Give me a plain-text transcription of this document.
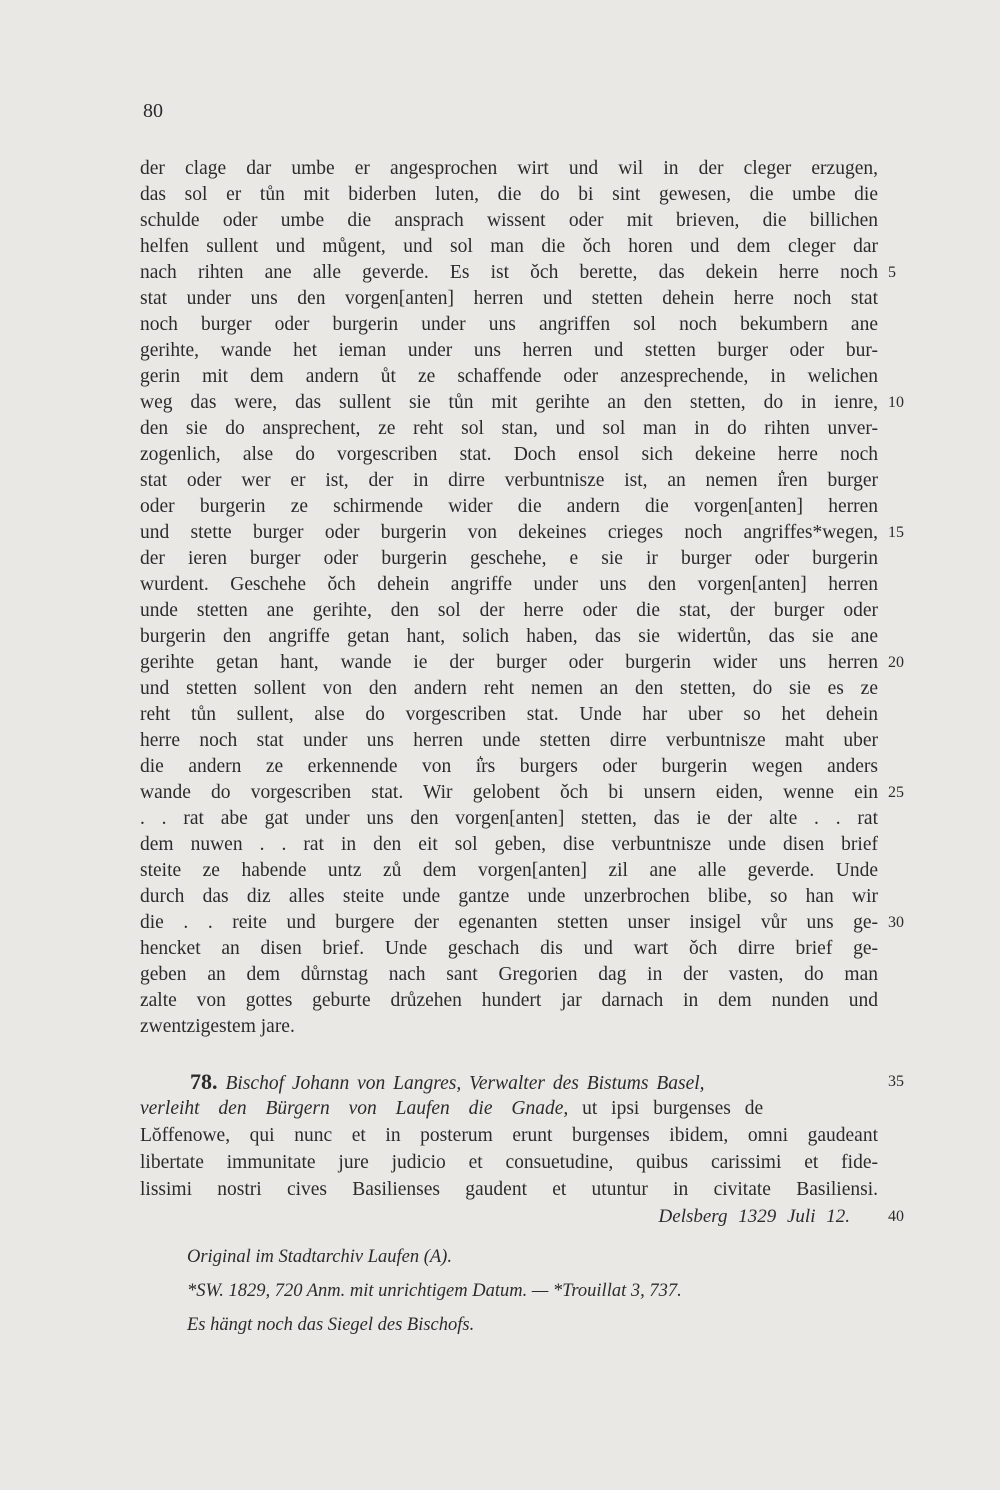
80
der clage dar umbe er angesprochen wirt und wil in der cleger erzugen,
das sol er tůn mit biderben luten, die do bi sint gewesen, die umbe die
schulde oder umbe die ansprach wissent oder mit brieven, die billichen
helfen sullent und můgent, und sol man die ǒch horen und dem cleger dar
nach rihten ane alle geverde. Es ist ǒch berette, das dekein herre noch 5
stat under uns den vorgen[anten] herren und stetten dehein herre noch stat
noch burger oder burgerin under uns angriffen sol noch bekumbern ane
gerihte, wande het ieman under uns herren und stetten burger oder bur-
gerin mit dem andern ůt ze schaffende oder anzesprechende, in welichen
weg das were, das sullent sie tůn mit gerihte an den stetten, do in ienre, 10
den sie do ansprechent, ze reht sol stan, und sol man in do rihten unver-
zogenlich, alse do vorgescriben stat. Doch ensol sich dekeine herre noch
stat oder wer er ist, der in dirre verbuntnisze ist, an nemen i͛ren burger
oder burgerin ze schirmende wider die andern die vorgen[anten] herren
und stette burger oder burgerin von dekeines crieges noch angriffes*wegen, 15
der ieren burger oder burgerin geschehe, e sie ir burger oder burgerin
wurdent. Geschehe ǒch dehein angriffe under uns den vorgen[anten] herren
unde stetten ane gerihte, den sol der herre oder die stat, der burger oder
burgerin den angriffe getan hant, solich haben, das sie widertůn, das sie ane
gerihte getan hant, wande ie der burger oder burgerin wider uns herren 20
und stetten sollent von den andern reht nemen an den stetten, do sie es ze
reht tůn sullent, alse do vorgescriben stat. Unde har uber so het dehein
herre noch stat under uns herren unde stetten dirre verbuntnisze maht uber
die andern ze erkennende von i͛rs burgers oder burgerin wegen anders
wande do vorgescriben stat. Wir gelobent ǒch bi unsern eiden, wenne ein 25
. . rat abe gat under uns den vorgen[anten] stetten, das ie der alte . . rat
dem nuwen . . rat in den eit sol geben, dise verbuntnisze unde disen brief
steite ze habende untz zů dem vorgen[anten] zil ane alle geverde. Unde
durch das diz alles steite unde gantze unde unzerbrochen blibe, so han wir
die . . reite und burgere der egenanten stetten unser insigel vůr uns ge- 30
hencket an disen brief. Unde geschach dis und wart ǒch dirre brief ge-
geben an dem důrnstag nach sant Gregorien dag in der vasten, do man
zalte von gottes geburte drůzehen hundert jar darnach in dem nunden und
zwentzigestem jare.
78. Bischof Johann von Langres, Verwalter des Bistums Basel,	35
verleiht den Bürgern von Laufen die Gnade, ut ipsi burgenses de
Lŏffenowe, qui nunc et in posterum erunt burgenses ibidem, omni gaudeant
libertate immunitate jure judicio et consuetudine, quibus carissimi et fide-
lissimi nostri cives Basilienses gaudent et utuntur in civitate Basiliensi.
Delsberg 1329 Juli 12. 40
Original im Stadtarchiv Laufen (A).
*SW. 1829, 720 Anm. mit unrichtigem Datum. — *Trouillat 3, 737.
Es hängt noch das Siegel des Bischofs.
